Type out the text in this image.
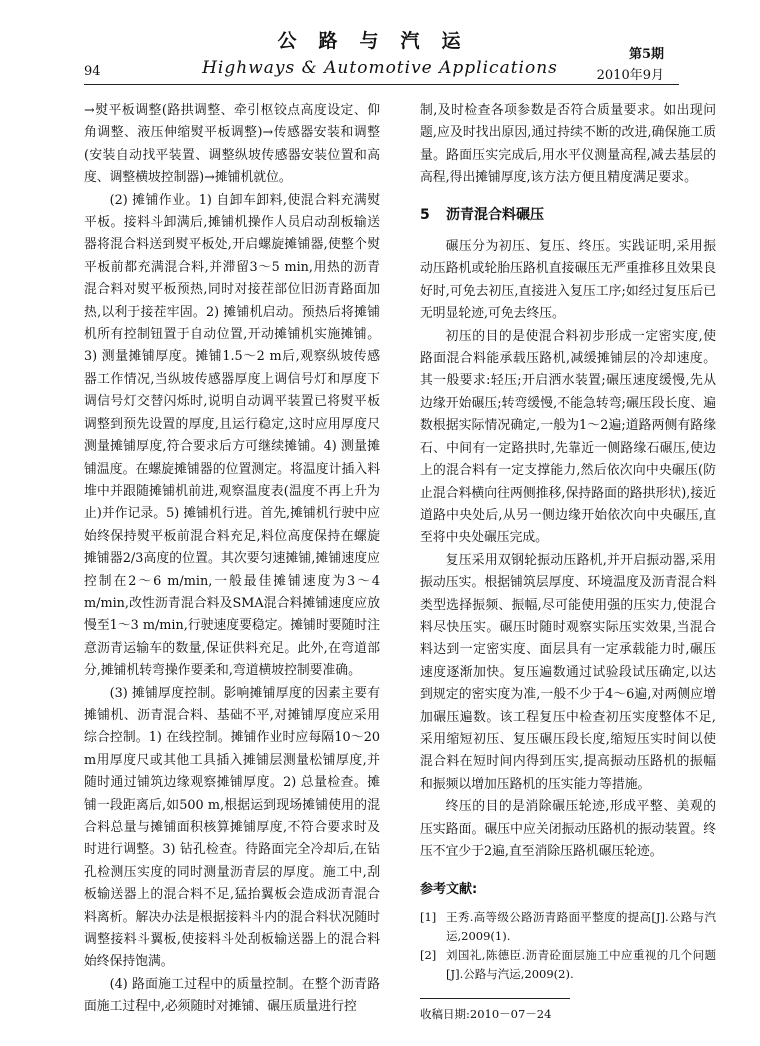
公路与汽运
Highways & Automotive Applications
94
第5期
2010年9月

→熨平板调整(路拱调整、牵引枢铰点高度设定、仰角调整、液压伸缩熨平板调整)→传感器安装和调整(安装自动找平装置、调整纵坡传感器安装位置和高度、调整横坡控制器)→摊铺机就位。

(2) 摊铺作业。1) 自卸车卸料,使混合料充满熨平板。接料斗卸满后,摊铺机操作人员启动刮板输送器将混合料送到熨平板处,开启螺旋摊铺器,使整个熨平板前都充满混合料,并滞留3～5 min,用热的沥青混合料对熨平板预热,同时对接茬部位旧沥青路面加热,以利于接茬牢固。2) 摊铺机启动。预热后将摊铺机所有控制钮置于自动位置,开动摊铺机实施摊铺。3) 测量摊铺厚度。摊铺1.5～2 m后,观察纵坡传感器工作情况,当纵坡传感器厚度上调信号灯和厚度下调信号灯交替闪烁时,说明自动调平装置已将熨平板调整到预先设置的厚度,且运行稳定,这时应用厚度尺测量摊铺厚度,符合要求后方可继续摊铺。4) 测量摊铺温度。在螺旋摊铺器的位置测定。将温度计插入料堆中并跟随摊铺机前进,观察温度表(温度不再上升为止)并作记录。5) 摊铺机行进。首先,摊铺机行驶中应始终保持熨平板前混合料充足,料位高度保持在螺旋摊铺器2/3高度的位置。其次要匀速摊铺,摊铺速度应控制在2～6 m/min,一般最佳摊铺速度为3～4 m/min,改性沥青混合料及SMA混合料摊铺速度应放慢至1～3 m/min,行驶速度要稳定。摊铺时要随时注意沥青运输车的数量,保证供料充足。此外,在弯道部分,摊铺机转弯操作要柔和,弯道横坡控制要准确。

(3) 摊铺厚度控制。影响摊铺厚度的因素主要有摊铺机、沥青混合料、基础不平,对摊铺厚度应采用综合控制。1) 在线控制。摊铺作业时应每隔10～20 m用厚度尺或其他工具插入摊铺层测量松铺厚度,并随时通过铺筑边缘观察摊铺厚度。2) 总量检查。摊铺一段距离后,如500 m,根据运到现场摊铺使用的混合料总量与摊铺面积核算摊铺厚度,不符合要求时及时进行调整。3) 钻孔检查。待路面完全冷却后,在钻孔检测压实度的同时测量沥青层的厚度。施工中,刮板输送器上的混合料不足,猛抬翼板会造成沥青混合料离析。解决办法是根据接料斗内的混合料状况随时调整接料斗翼板,使接料斗处刮板输送器上的混合料始终保持饱满。

(4) 路面施工过程中的质量控制。在整个沥青路面施工过程中,必须随时对摊铺、碾压质量进行控

制,及时检查各项参数是否符合质量要求。如出现问题,应及时找出原因,通过持续不断的改进,确保施工质量。路面压实完成后,用水平仪测量高程,减去基层的高程,得出摊铺厚度,该方法方便且精度满足要求。

5 沥青混合料碾压

碾压分为初压、复压、终压。实践证明,采用振动压路机或轮胎压路机直接碾压无严重推移且效果良好时,可免去初压,直接进入复压工序;如经过复压后已无明显轮迹,可免去终压。

初压的目的是使混合料初步形成一定密实度,使路面混合料能承载压路机,减缓摊铺层的冷却速度。其一般要求:轻压;开启洒水装置;碾压速度缓慢,先从边缘开始碾压;转弯缓慢,不能急转弯;碾压段长度、遍数根据实际情况确定,一般为1～2遍;道路两侧有路缘石、中间有一定路拱时,先靠近一侧路缘石碾压,使边上的混合料有一定支撑能力,然后依次向中央碾压(防止混合料横向往两侧推移,保持路面的路拱形状),接近道路中央处后,从另一侧边缘开始依次向中央碾压,直至将中央处碾压完成。

复压采用双钢轮振动压路机,并开启振动器,采用振动压实。根据铺筑层厚度、环境温度及沥青混合料类型选择振频、振幅,尽可能使用强的压实力,使混合料尽快压实。碾压时随时观察实际压实效果,当混合料达到一定密实度、面层具有一定承载能力时,碾压速度逐渐加快。复压遍数通过试验段试压确定,以达到规定的密实度为准,一般不少于4～6遍,对两侧应增加碾压遍数。该工程复压中检查初压实度整体不足,采用缩短初压、复压碾压段长度,缩短压实时间以使混合料在短时间内得到压实,提高振动压路机的振幅和振频以增加压路机的压实能力等措施。

终压的目的是消除碾压轮迹,形成平整、美观的压实路面。碾压中应关闭振动压路机的振动装置。终压不宜少于2遍,直至消除压路机碾压轮迹。

参考文献:
[1] 王秀.高等级公路沥青路面平整度的提高[J].公路与汽运,2009(1).
[2] 刘国礼,陈德臣.沥青砼面层施工中应重视的几个问题[J].公路与汽运,2009(2).
收稿日期:2010－07－24
